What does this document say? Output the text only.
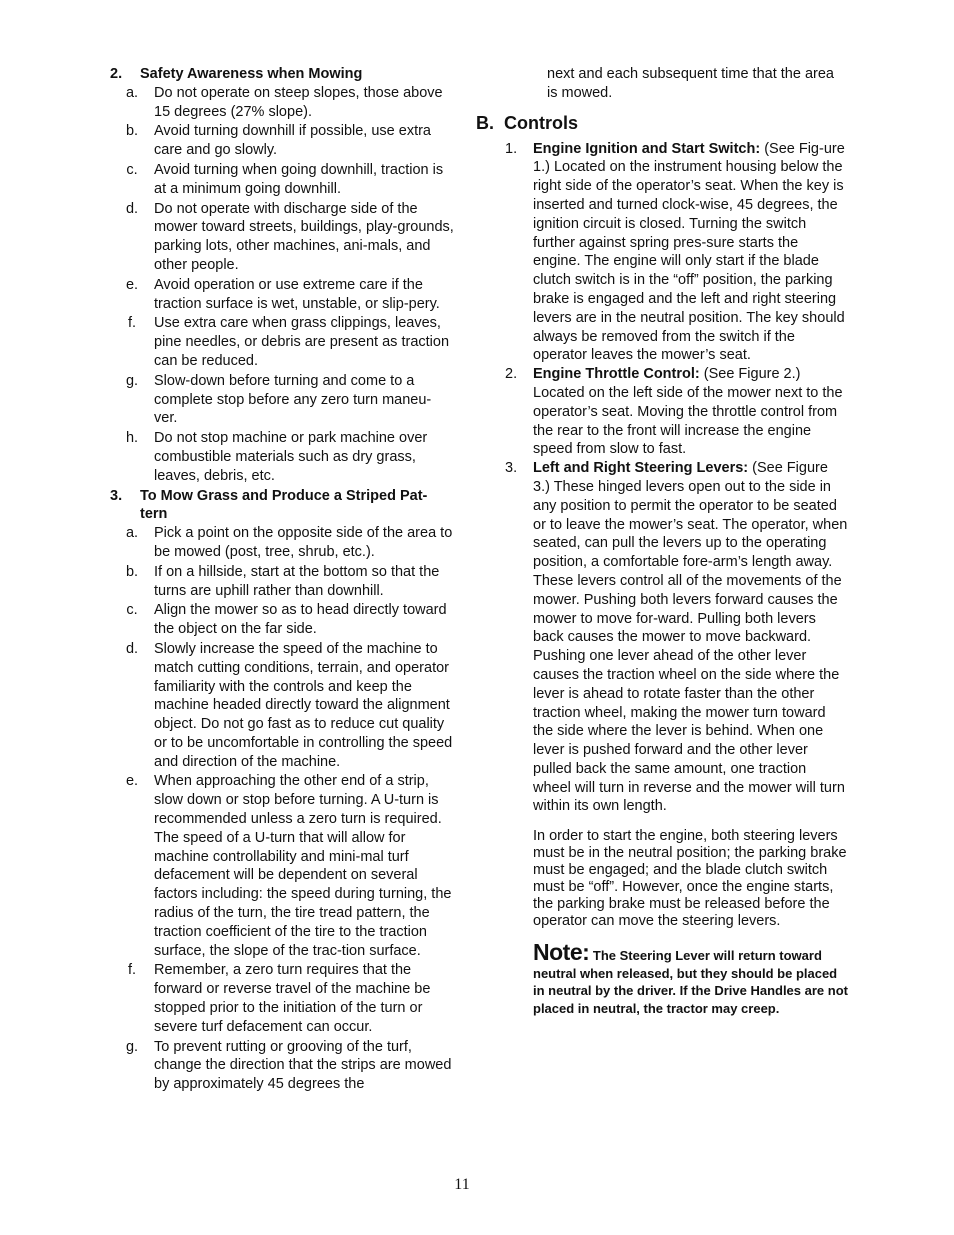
2.	Safety Awareness when Mowing
a.	Do not operate on steep slopes, those above 15 degrees (27% slope).
b.	Avoid turning downhill if possible, use extra care and go slowly.
c.	Avoid turning when going downhill, traction is at a minimum going downhill.
d.	Do not operate with discharge side of the mower toward streets, buildings, play-grounds, parking lots, other machines, ani-mals, and other people.
e.	Avoid operation or use extreme care if the traction surface is wet, unstable, or slip-pery.
f.	Use extra care when grass clippings, leaves, pine needles, or debris are present as traction can be reduced.
g.	Slow-down before turning and come to a complete stop before any zero turn maneu-ver.
h.	Do not stop machine or park machine over combustible materials such as dry grass, leaves, debris, etc.
3.	To Mow Grass and Produce a Striped Pat-tern
a.	Pick a point on the opposite side of the area to be mowed (post, tree, shrub, etc.).
b.	If on a hillside, start at the bottom so that the turns are uphill rather than downhill.
c.	Align the mower so as to head directly toward the object on the far side.
d.	Slowly increase the speed of the machine to match cutting conditions, terrain, and operator familiarity with the controls and keep the machine headed directly toward the alignment object. Do not go fast as to reduce cut quality or to be uncomfortable in controlling the speed and direction of the machine.
e.	When approaching the other end of a strip, slow down or stop before turning. A U-turn is recommended unless a zero turn is required. The speed of a U-turn that will allow for machine controllability and mini-mal turf defacement will be dependent on several factors including: the speed during turning, the radius of the turn, the tire tread pattern, the traction coefficient of the tire to the traction surface, the slope of the trac-tion surface.
f.	Remember, a zero turn requires that the forward or reverse travel of the machine be stopped prior to the initiation of the turn or severe turf defacement can occur.
g.	To prevent rutting or grooving of the turf, change the direction that the strips are mowed by approximately 45 degrees the
next and each subsequent time that the area is mowed.
B. Controls
1.	Engine Ignition and Start Switch: (See Fig-ure 1.) Located on the instrument housing below the right side of the operator’s seat. When the key is inserted and turned clock-wise, 45 degrees, the ignition circuit is closed. Turning the switch further against spring pres-sure starts the engine. The engine will only start if the blade clutch switch is in the “off” position, the parking brake is engaged and the left and right steering levers are in the neutral position. The key should always be removed from the switch if the operator leaves the mower’s seat.
2.	Engine Throttle Control: (See Figure 2.) Located on the left side of the mower next to the operator’s seat. Moving the throttle control from the rear to the front will increase the engine speed from slow to fast.
3.	Left and Right Steering Levers: (See Figure 3.) These hinged levers open out to the side in any position to permit the operator to be seated or to leave the mower’s seat. The operator, when seated, can pull the levers up to the operating position, a comfortable fore-arm’s length away. These levers control all of the movements of the mower. Pushing both levers forward causes the mower to move for-ward. Pulling both levers back causes the mower to move backward. Pushing one lever ahead of the other lever causes the traction wheel on the side where the lever is ahead to rotate faster than the other traction wheel, making the mower turn toward the side where the lever is behind. When one lever is pushed forward and the other lever pulled back the same amount, one traction wheel will turn in reverse and the mower will turn within its own length.
In order to start the engine, both steering levers must be in the neutral position; the parking brake must be engaged; and the blade clutch switch must be “off”. However, once the engine starts, the parking brake must be released before the operator can move the steering levers.
Note: The Steering Lever will return toward neutral when released, but they should be placed in neutral by the driver. If the Drive Handles are not placed in neutral, the tractor may creep.
11
